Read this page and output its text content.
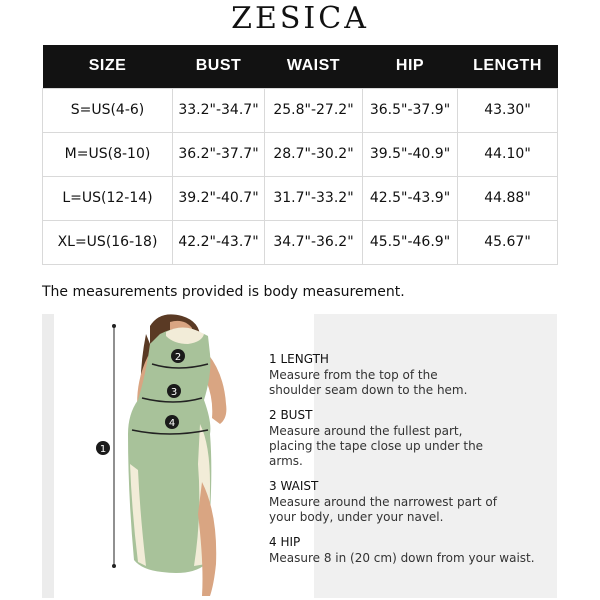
ZESICA
SIZE	BUST	WAIST	HIP	LENGTH
S=US(4-6)	33.2"-34.7"	25.8"-27.2"	36.5"-37.9"	43.30"
M=US(8-10)	36.2"-37.7"	28.7"-30.2"	39.5"-40.9"	44.10"
L=US(12-14)	39.2"-40.7"	31.7"-33.2"	42.5"-43.9"	44.88"
XL=US(16-18)	42.2"-43.7"	34.7"-36.2"	45.5"-46.9"	45.67"
The measurements provided is body measurement.
2
3
4
1
1 LENGTH
Measure from the top of the shoulder seam down to the hem.
2 BUST
Measure around the fullest part, placing the tape close up under the arms.
3 WAIST
Measure around the narrowest part of your body, under your navel.
4 HIP
Measure 8 in (20 cm) down from your waist.
